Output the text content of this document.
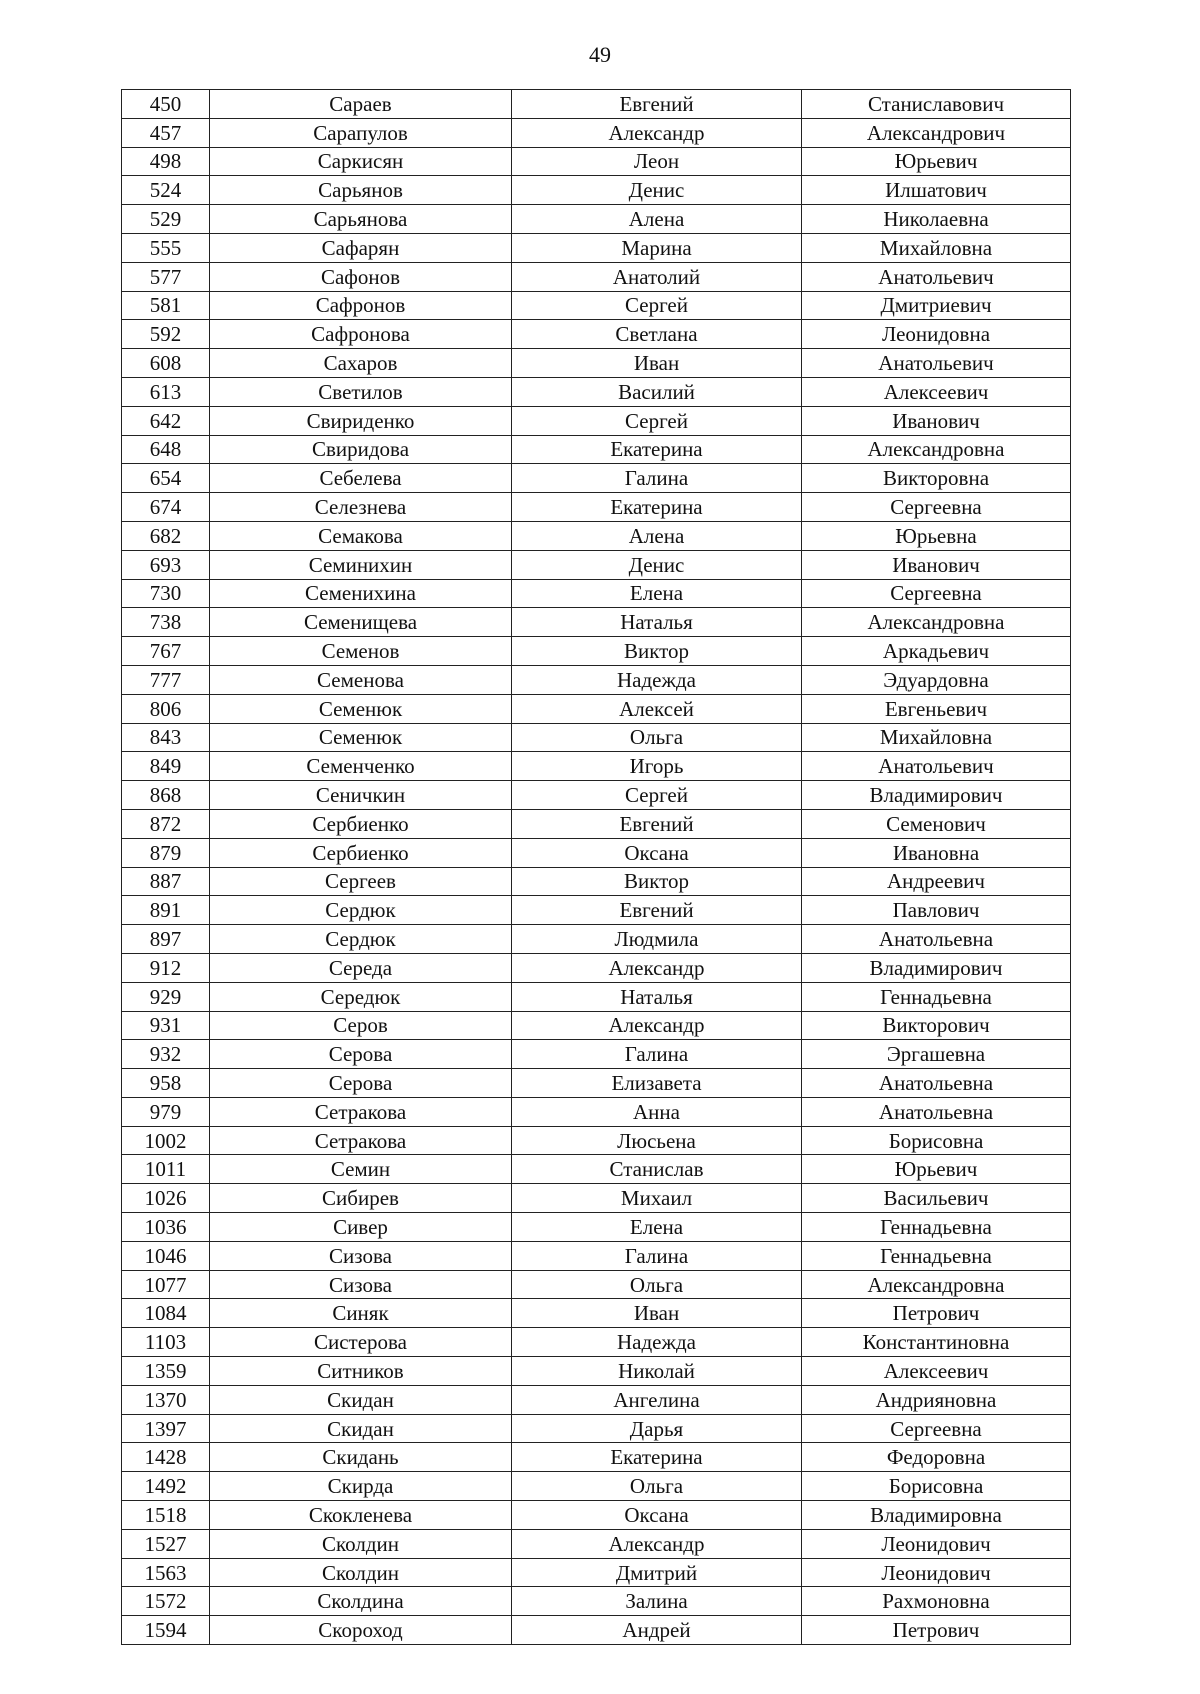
49
450	Сараев	Евгений	Станиславович
457	Сарапулов	Александр	Александрович
498	Саркисян	Леон	Юрьевич
524	Сарьянов	Денис	Илшатович
529	Сарьянова	Алена	Николаевна
555	Сафарян	Марина	Михайловна
577	Сафонов	Анатолий	Анатольевич
581	Сафронов	Сергей	Дмитриевич
592	Сафронова	Светлана	Леонидовна
608	Сахаров	Иван	Анатольевич
613	Светилов	Василий	Алексеевич
642	Свириденко	Сергей	Иванович
648	Свиридова	Екатерина	Александровна
654	Себелева	Галина	Викторовна
674	Селезнева	Екатерина	Сергеевна
682	Семакова	Алена	Юрьевна
693	Семинихин	Денис	Иванович
730	Семенихина	Елена	Сергеевна
738	Семенищева	Наталья	Александровна
767	Семенов	Виктор	Аркадьевич
777	Семенова	Надежда	Эдуардовна
806	Семенюк	Алексей	Евгеньевич
843	Семенюк	Ольга	Михайловна
849	Семенченко	Игорь	Анатольевич
868	Сеничкин	Сергей	Владимирович
872	Сербиенко	Евгений	Семенович
879	Сербиенко	Оксана	Ивановна
887	Сергеев	Виктор	Андреевич
891	Сердюк	Евгений	Павлович
897	Сердюк	Людмила	Анатольевна
912	Середа	Александр	Владимирович
929	Середюк	Наталья	Геннадьевна
931	Серов	Александр	Викторович
932	Серова	Галина	Эргашевна
958	Серова	Елизавета	Анатольевна
979	Сетракова	Анна	Анатольевна
1002	Сетракова	Люсьена	Борисовна
1011	Семин	Станислав	Юрьевич
1026	Сибирев	Михаил	Васильевич
1036	Сивер	Елена	Геннадьевна
1046	Сизова	Галина	Геннадьевна
1077	Сизова	Ольга	Александровна
1084	Синяк	Иван	Петрович
1103	Систерова	Надежда	Константиновна
1359	Ситников	Николай	Алексеевич
1370	Скидан	Ангелина	Андрияновна
1397	Скидан	Дарья	Сергеевна
1428	Скидань	Екатерина	Федоровна
1492	Скирда	Ольга	Борисовна
1518	Скокленева	Оксана	Владимировна
1527	Сколдин	Александр	Леонидович
1563	Сколдин	Дмитрий	Леонидович
1572	Сколдина	Залина	Рахмоновна
1594	Скороход	Андрей	Петрович
